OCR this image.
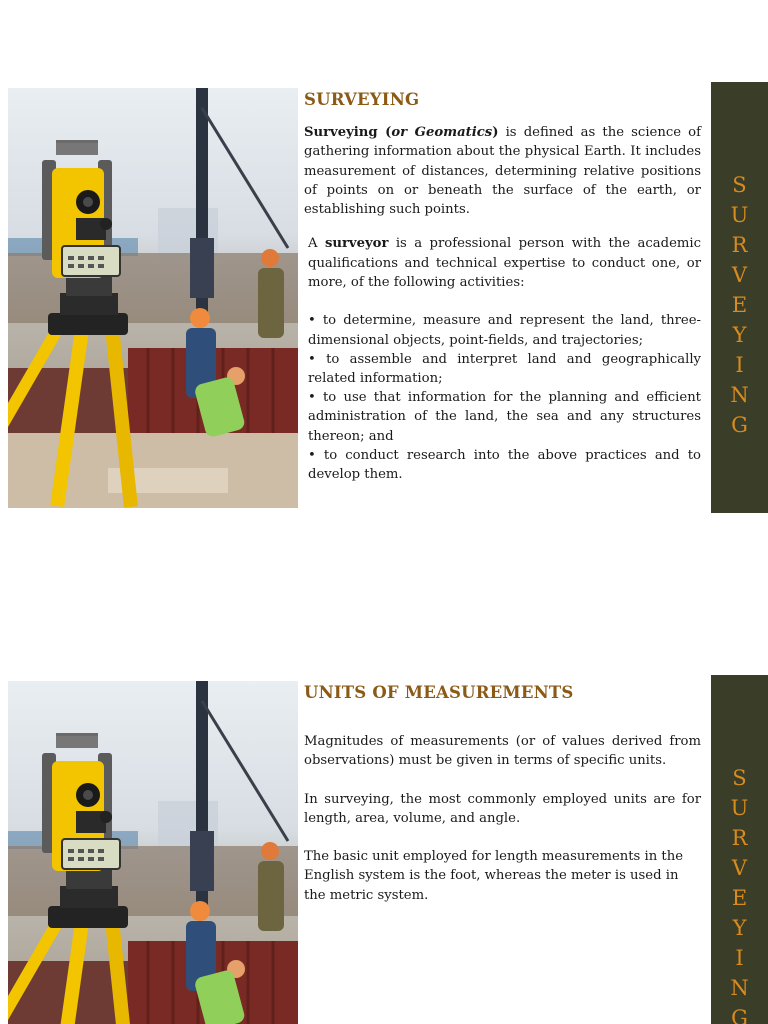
SURVEYING

Surveying (or Geomatics) is defined as the science of gathering information about the physical Earth. It includes measurement of distances, determining relative positions of points on or beneath the surface of the earth, or establishing such points.

A surveyor is a professional person with the academic qualifications and technical expertise to conduct one, or more, of the following activities:

• to determine, measure and represent the land, three-dimensional objects, point-fields, and trajectories;
• to assemble and interpret land and geographically related information;
• to use that information for the planning and efficient administration of the land, the sea and any structures thereon; and
• to conduct research into the above practices and to develop them.
S
U
R
V
E
Y
I
N
G
UNITS OF MEASUREMENTS

Magnitudes of measurements (or of values derived from observations) must be given in terms of specific units.

In surveying, the most commonly employed units are for length, area, volume, and angle.

The basic unit employed for length measurements in the English system is the foot, whereas the meter is used in the metric system.

S
U
R
V
E
Y
I
N
G
